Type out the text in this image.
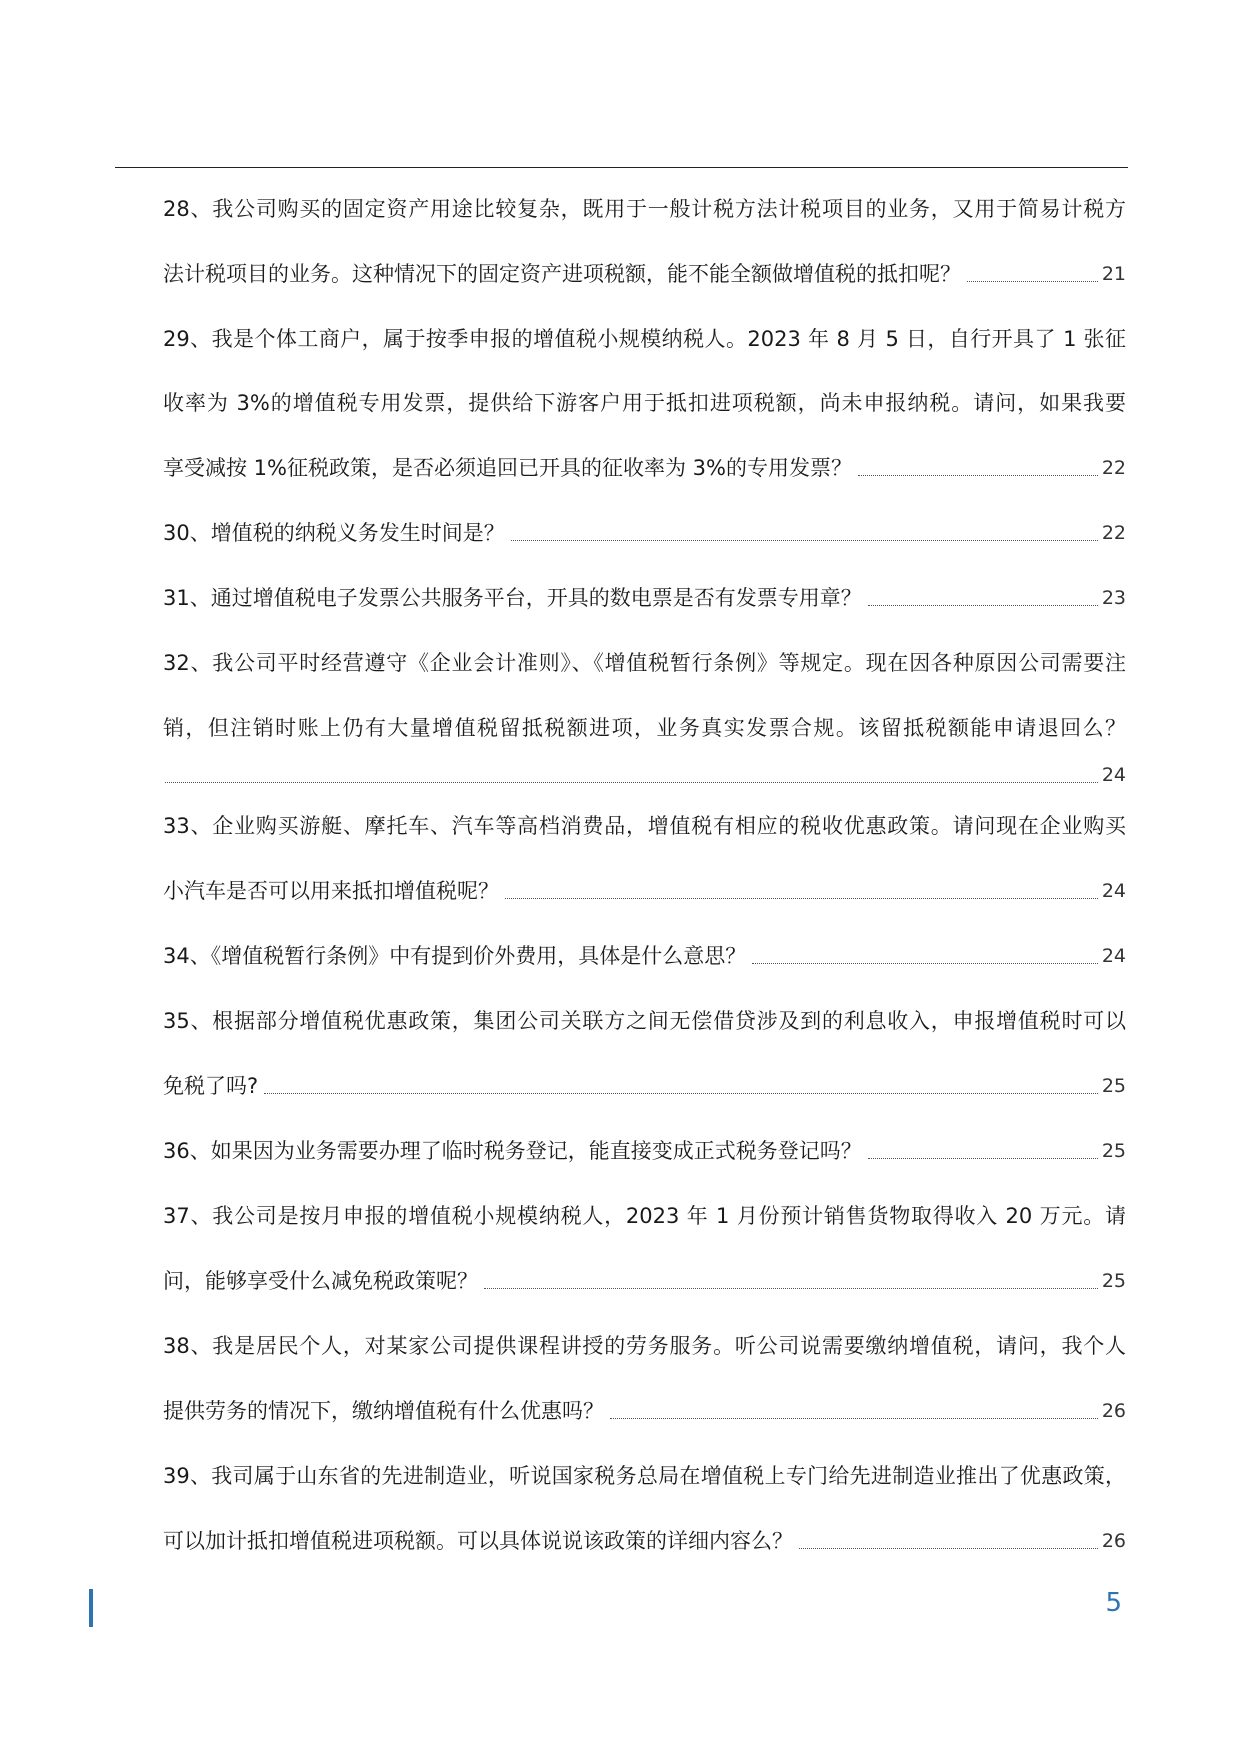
28、我公司购买的固定资产用途比较复杂，既用于一般计税方法计税项目的业务，又用于简易计税方
法计税项目的业务。这种情况下的固定资产进项税额，能不能全额做增值税的抵扣呢？	21
29、我是个体工商户，属于按季申报的增值税小规模纳税人。2023 年 8 月 5 日，自行开具了 1 张征
收率为 3%的增值税专用发票，提供给下游客户用于抵扣进项税额，尚未申报纳税。请问，如果我要
享受减按 1%征税政策，是否必须追回已开具的征收率为 3%的专用发票？	22
30、增值税的纳税义务发生时间是？	22
31、通过增值税电子发票公共服务平台，开具的数电票是否有发票专用章？	23
32、我公司平时经营遵守《企业会计准则》、《增值税暂行条例》等规定。现在因各种原因公司需要注
销，但注销时账上仍有大量增值税留抵税额进项，业务真实发票合规。该留抵税额能申请退回么？
24
33、企业购买游艇、摩托车、汽车等高档消费品，增值税有相应的税收优惠政策。请问现在企业购买
小汽车是否可以用来抵扣增值税呢？	24
34、《增值税暂行条例》中有提到价外费用，具体是什么意思？	24
35、根据部分增值税优惠政策，集团公司关联方之间无偿借贷涉及到的利息收入，申报增值税时可以
免税了吗?	25
36、如果因为业务需要办理了临时税务登记，能直接变成正式税务登记吗？	25
37、我公司是按月申报的增值税小规模纳税人，2023 年 1 月份预计销售货物取得收入 20 万元。请
问，能够享受什么减免税政策呢？	25
38、我是居民个人，对某家公司提供课程讲授的劳务服务。听公司说需要缴纳增值税，请问，我个人
提供劳务的情况下，缴纳增值税有什么优惠吗？	26
39、我司属于山东省的先进制造业，听说国家税务总局在增值税上专门给先进制造业推出了优惠政策，
可以加计抵扣增值税进项税额。可以具体说说该政策的详细内容么？	26
5
